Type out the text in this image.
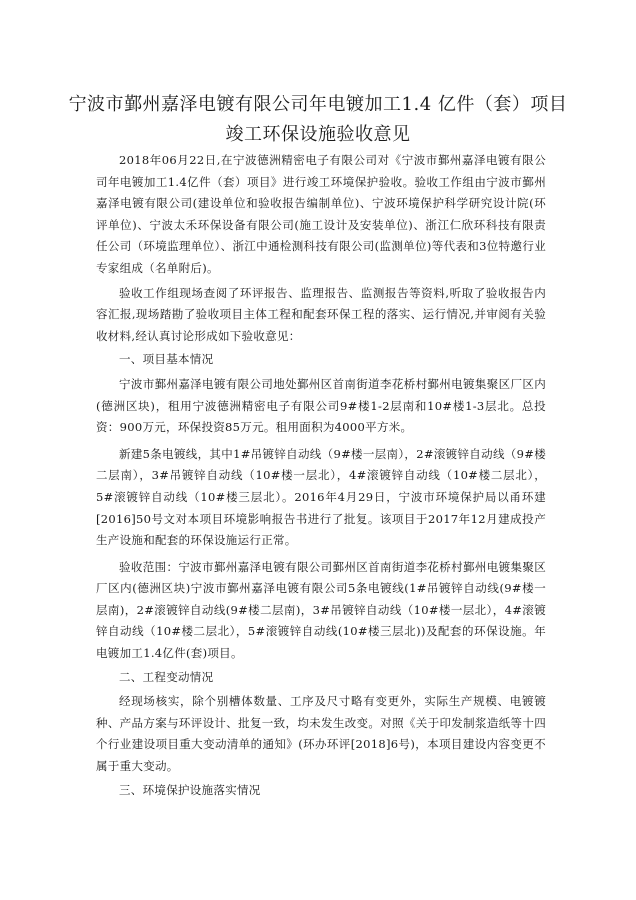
宁波市鄞州嘉泽电镀有限公司年电镀加工1.4 亿件（套）项目
竣工环保设施验收意见

2018年06月22日,在宁波德洲精密电子有限公司对《宁波市鄞州嘉泽电镀有限公司年电镀加工1.4亿件（套）项目》进行竣工环境保护验收。验收工作组由宁波市鄞州嘉泽电镀有限公司(建设单位和验收报告编制单位)、宁波环境保护科学研究设计院(环评单位)、宁波太禾环保设备有限公司(施工设计及安装单位)、浙江仁欣环科技有限责任公司（环境监理单位）、浙江中通检测科技有限公司(监测单位)等代表和3位特邀行业专家组成（名单附后)。

验收工作组现场查阅了环评报告、监理报告、监测报告等资料,听取了验收报告内容汇报,现场踏勘了验收项目主体工程和配套环保工程的落实、运行情况,并审阅有关验收材料,经认真讨论形成如下验收意见：

一、项目基本情况

宁波市鄞州嘉泽电镀有限公司地处鄞州区首南街道李花桥村鄞州电镀集聚区厂区内(德洲区块)，租用宁波德洲精密电子有限公司9#楼1-2层南和10#楼1-3层北。总投资：900万元，环保投资85万元。租用面积为4000平方米。

新建5条电镀线，其中1#吊镀锌自动线（9#楼一层南），2#滚镀锌自动线（9#楼二层南），3#吊镀锌自动线（10#楼一层北），4#滚镀锌自动线（10#楼二层北），5#滚镀锌自动线（10#楼三层北）。2016年4月29日，宁波市环境保护局以甬环建[2016]50号文对本项目环境影响报告书进行了批复。该项目于2017年12月建成投产生产设施和配套的环保设施运行正常。

验收范围：宁波市鄞州嘉泽电镀有限公司鄞州区首南街道李花桥村鄞州电镀集聚区厂区内(德洲区块)宁波市鄞州嘉泽电镀有限公司5条电镀线(1#吊镀锌自动线(9#楼一层南)，2#滚镀锌自动线(9#楼二层南)，3#吊镀锌自动线（10#楼一层北），4#滚镀锌自动线（10#楼二层北），5#滚镀锌自动线(10#楼三层北))及配套的环保设施。年电镀加工1.4亿件(套)项目。

二、工程变动情况

经现场核实，除个别槽体数量、工序及尺寸略有变更外，实际生产规模、电镀镀种、产品方案与环评设计、批复一致，均未发生改变。对照《关于印发制浆造纸等十四个行业建设项目重大变动清单的通知》(环办环评[2018]6号)，本项目建设内容变更不属于重大变动。

三、环境保护设施落实情况
